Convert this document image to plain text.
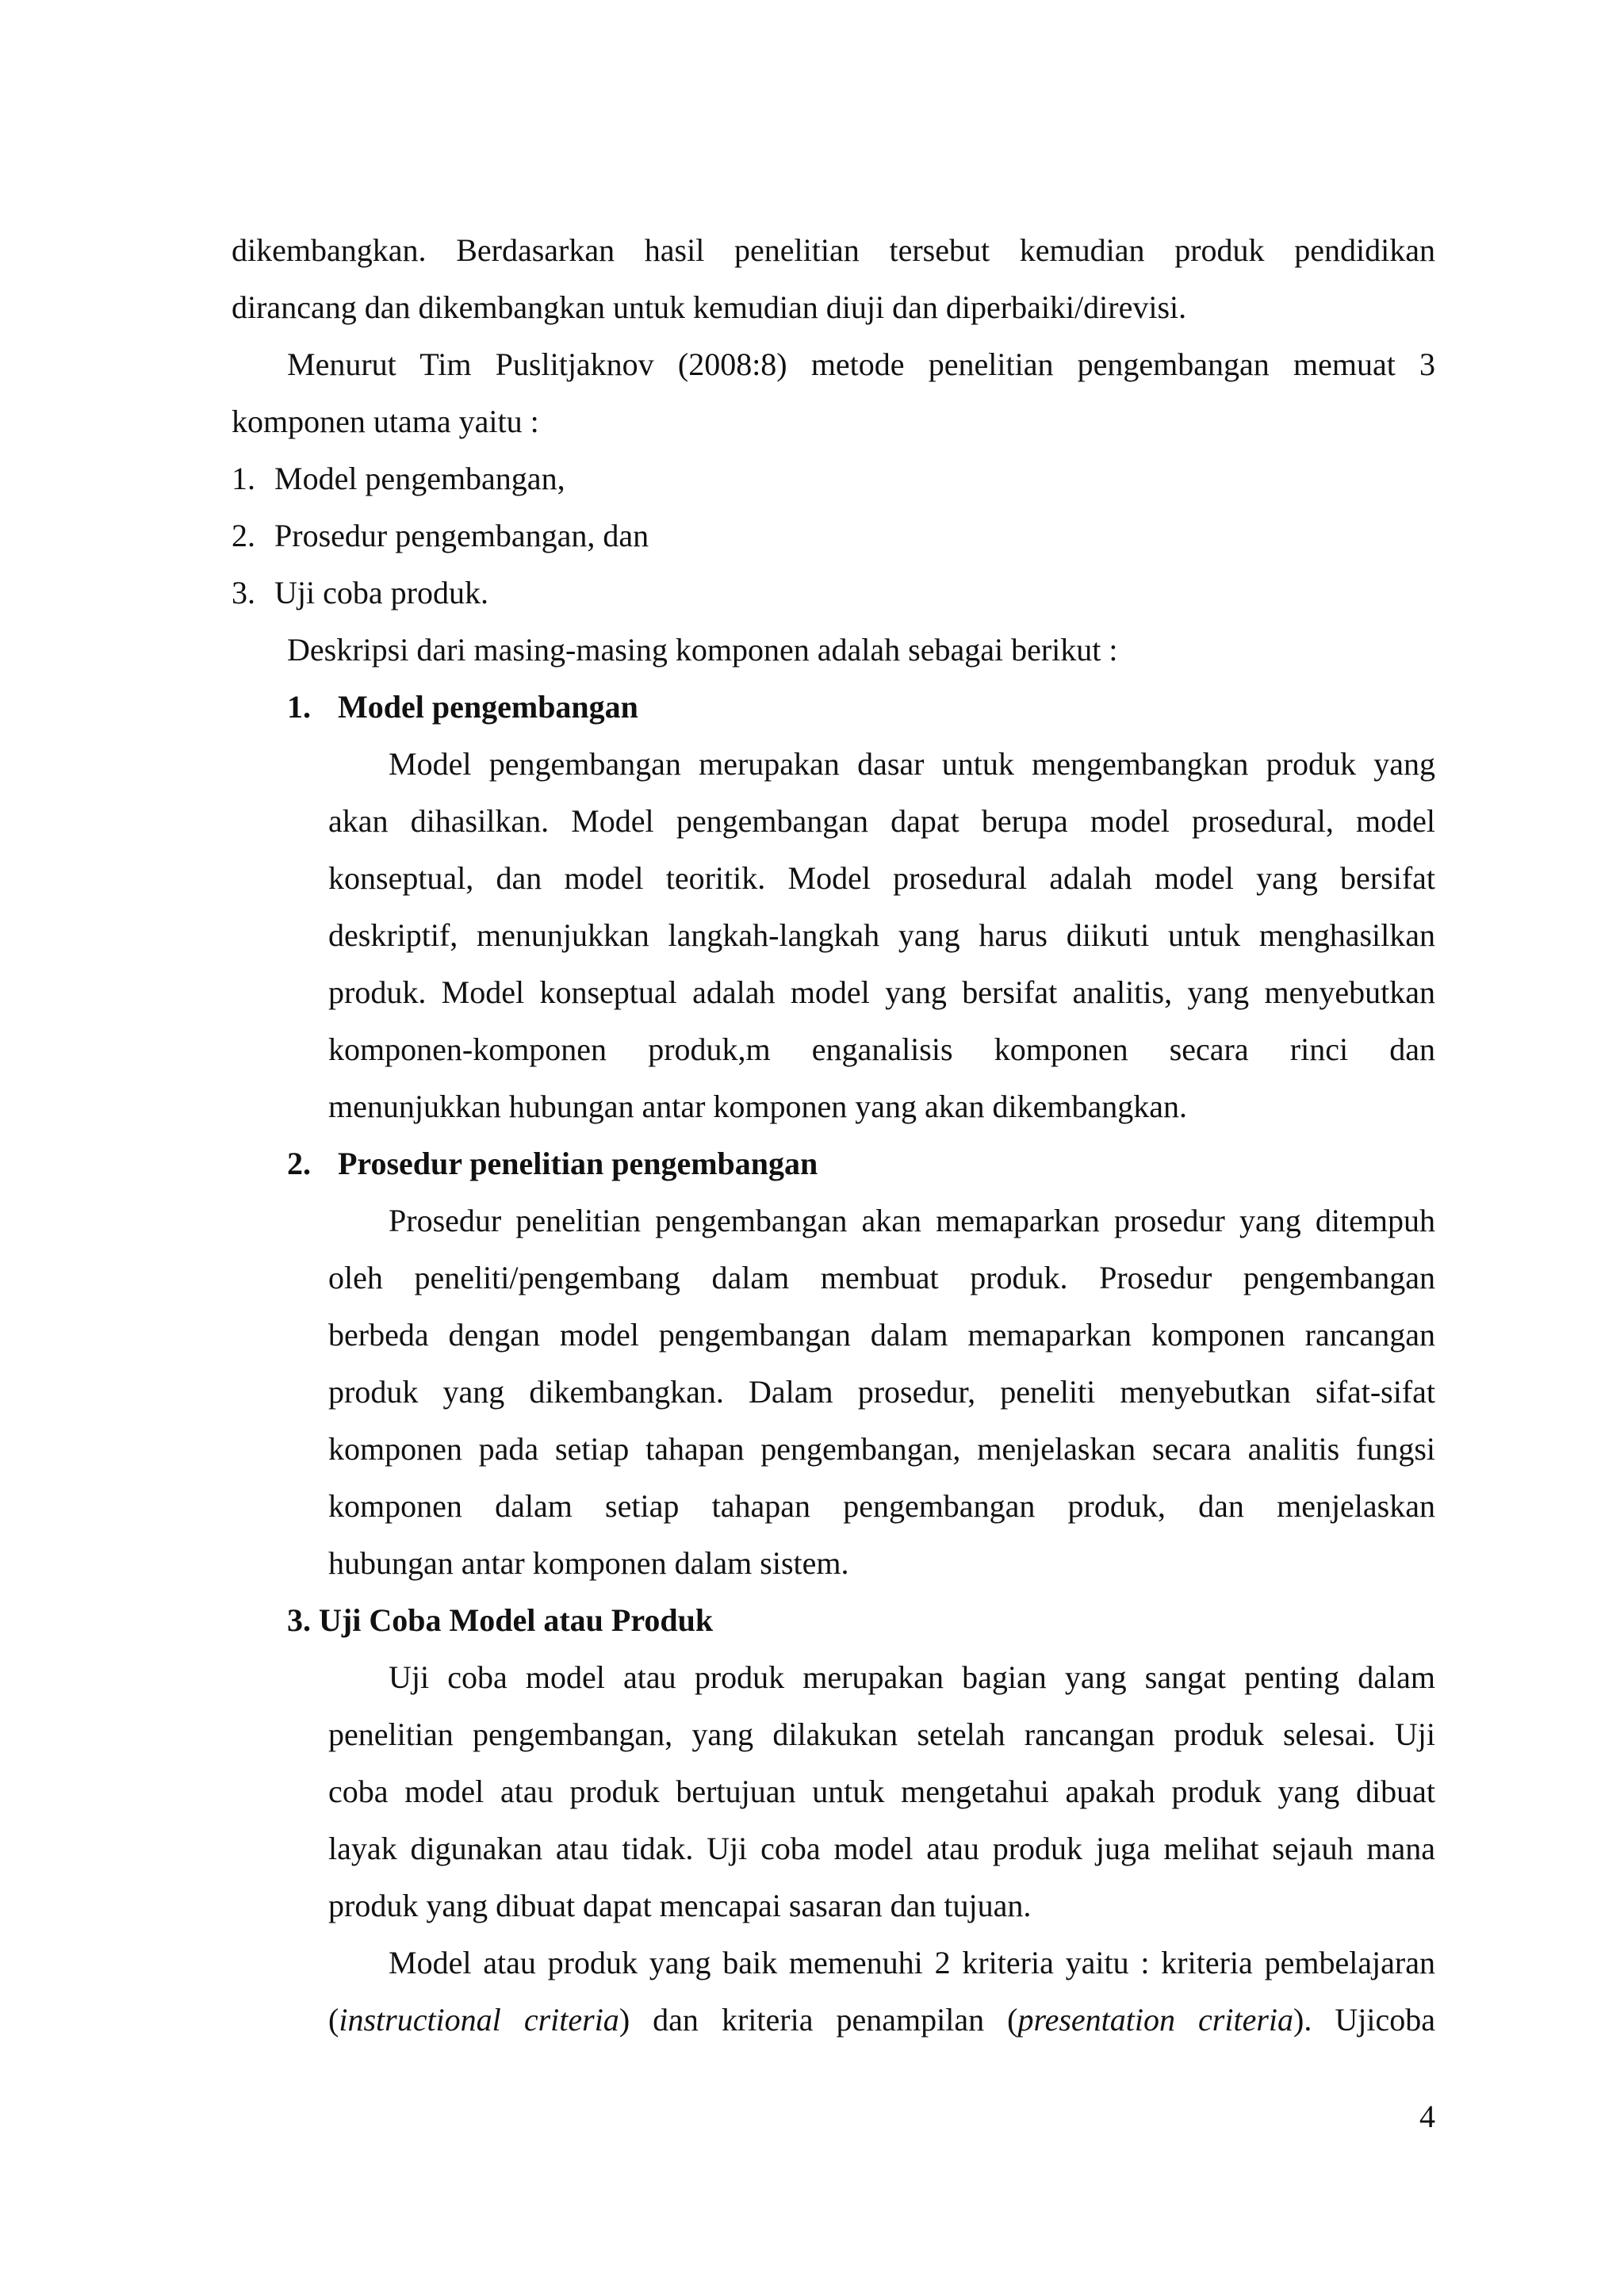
dikembangkan. Berdasarkan hasil penelitian tersebut kemudian produk pendidikan

dirancang dan dikembangkan untuk kemudian diuji dan diperbaiki/direvisi.

Menurut Tim Puslitjaknov (2008:8) metode penelitian pengembangan memuat 3

komponen utama yaitu :

1. Model pengembangan,

2. Prosedur pengembangan, dan

3. Uji coba produk.

Deskripsi dari masing-masing komponen adalah sebagai berikut :

1. Model pengembangan

Model pengembangan merupakan dasar untuk mengembangkan produk yang

akan dihasilkan. Model pengembangan dapat berupa model prosedural, model

konseptual, dan model teoritik. Model prosedural adalah model yang bersifat

deskriptif, menunjukkan langkah-langkah yang harus diikuti untuk menghasilkan

produk. Model konseptual adalah model yang bersifat analitis, yang menyebutkan

komponen-komponen produk,m enganalisis komponen secara rinci dan

menunjukkan hubungan antar komponen yang akan dikembangkan.

2. Prosedur penelitian pengembangan

Prosedur penelitian pengembangan akan memaparkan prosedur yang ditempuh

oleh peneliti/pengembang dalam membuat produk. Prosedur pengembangan

berbeda dengan model pengembangan dalam memaparkan komponen rancangan

produk yang dikembangkan. Dalam prosedur, peneliti menyebutkan sifat-sifat

komponen pada setiap tahapan pengembangan, menjelaskan secara analitis fungsi

komponen dalam setiap tahapan pengembangan produk, dan menjelaskan

hubungan antar komponen dalam sistem.

3. Uji Coba Model atau Produk

Uji coba model atau produk merupakan bagian yang sangat penting dalam

penelitian pengembangan, yang dilakukan setelah rancangan produk selesai. Uji

coba model atau produk bertujuan untuk mengetahui apakah produk yang dibuat

layak digunakan atau tidak. Uji coba model atau produk juga melihat sejauh mana

produk yang dibuat dapat mencapai sasaran dan tujuan.

Model atau produk yang baik memenuhi 2 kriteria yaitu : kriteria pembelajaran

(instructional criteria) dan kriteria penampilan (presentation criteria). Ujicoba

4
